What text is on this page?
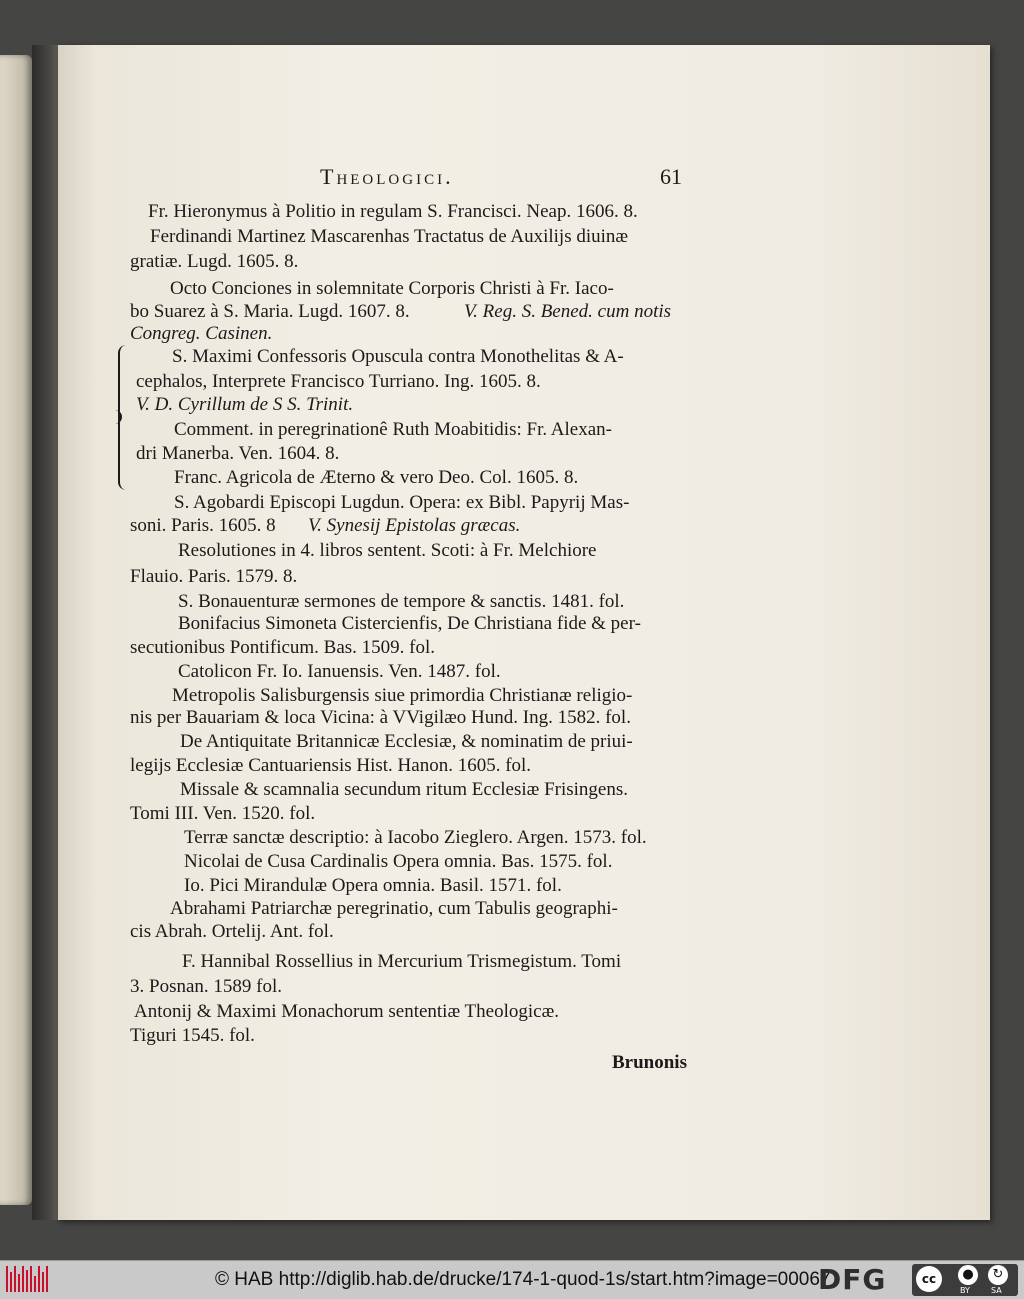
Theologici.	61
Fr. Hieronymus à Politio in regulam S. Francisci. Neap. 1606. 8.
Ferdinandi Martinez Mascarenhas Tractatus de Auxilijs diuinæ
gratiæ. Lugd. 1605. 8.
Octo Conciones in solemnitate Corporis Christi à Fr. Iaco-
bo Suarez à S. Maria. Lugd. 1607. 8.	V. Reg. S. Bened. cum notis
Congreg. Casinen.
S. Maximi Confessoris Opuscula contra Monothelitas & A-
cephalos, Interprete Francisco Turriano. Ing. 1605. 8.
V. D. Cyrillum de S S. Trinit.
Comment. in peregrinationê Ruth Moabitidis: Fr. Alexan-
dri Manerba. Ven. 1604. 8.
Franc. Agricola de Æterno & vero Deo. Col. 1605. 8.
S. Agobardi Episcopi Lugdun. Opera: ex Bibl. Papyrij Mas-
soni. Paris. 1605. 8 V. Synesij Epistolas græcas.
Resolutiones in 4. libros sentent. Scoti: à Fr. Melchiore
Flauio. Paris. 1579. 8.
S. Bonauenturæ sermones de tempore & sanctis. 1481. fol.
Bonifacius Simoneta Cistercienfis, De Christiana fide & per-
secutionibus Pontificum. Bas. 1509. fol.
Catolicon Fr. Io. Ianuensis. Ven. 1487. fol.
Metropolis Salisburgensis siue primordia Christianæ religio-
nis per Bauariam & loca Vicina: à VVigilæo Hund. Ing. 1582. fol.
De Antiquitate Britannicæ Ecclesiæ, & nominatim de priui-
legijs Ecclesiæ Cantuariensis Hist. Hanon. 1605. fol.
Missale & scamnalia secundum ritum Ecclesiæ Frisingens.
Tomi III. Ven. 1520. fol.
Terræ sanctæ descriptio: à Iacobo Zieglero. Argen. 1573. fol.
Nicolai de Cusa Cardinalis Opera omnia. Bas. 1575. fol.
Io. Pici Mirandulæ Opera omnia. Basil. 1571. fol.
Abrahami Patriarchæ peregrinatio, cum Tabulis geographi-
cis Abrah. Ortelij. Ant. fol.
F. Hannibal Rossellius in Mercurium Trismegistum. Tomi
3. Posnan. 1589 fol.
Antonij & Maximi Monachorum sententiæ Theologicæ.
Tiguri 1545. fol.
Brunonis
© HAB http://diglib.hab.de/drucke/174-1-quod-1s/start.htm?image=00067
DFG	cc	●	↻
BY	SA
